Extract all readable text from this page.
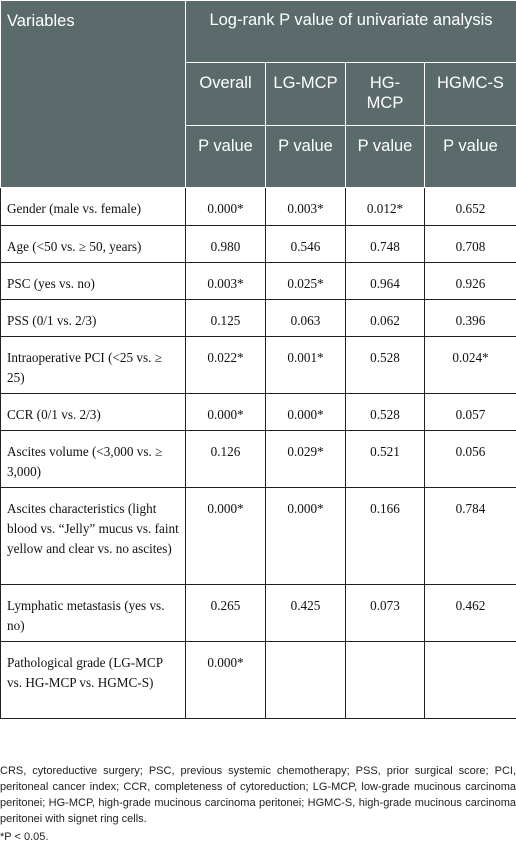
Variables	Log-rank P value of univariate analysis			

	Overall	LG-MCP	HG-MCP	HGMC-S

	P value	P value	P value	P value

Gender (male vs. female)	0.000*	0.003*	0.012*	0.652

Age (<50 vs. ≥ 50, years)	0.980	0.546	0.748	0.708

PSC (yes vs. no)	0.003*	0.025*	0.964	0.926

PSS (0/1 vs. 2/3)	0.125	0.063	0.062	0.396

Intraoperative PCI (<25 vs. ≥ 25)	0.022*	0.001*	0.528	0.024*

CCR (0/1 vs. 2/3)	0.000*	0.000*	0.528	0.057

Ascites volume (<3,000 vs. ≥ 3,000)	0.126	0.029*	0.521	0.056

Ascites characteristics (light blood vs. “Jelly” mucus vs. faint yellow and clear vs. no ascites)	0.000*	0.000*	0.166	0.784

Lymphatic metastasis (yes vs. no)	0.265	0.425	0.073	0.462

Pathological grade (LG-MCP vs. HG-MCP vs. HGMC-S)	0.000*			

CRS, cytoreductive surgery; PSC, previous systemic chemotherapy; PSS, prior surgical score; PCI, peritoneal cancer index; CCR, completeness of cytoreduction; LG-MCP, low-grade mucinous carcinoma peritonei; HG-MCP, high-grade mucinous carcinoma peritonei; HGMC-S, high-grade mucinous carcinoma peritonei with signet ring cells.

*P < 0.05.
